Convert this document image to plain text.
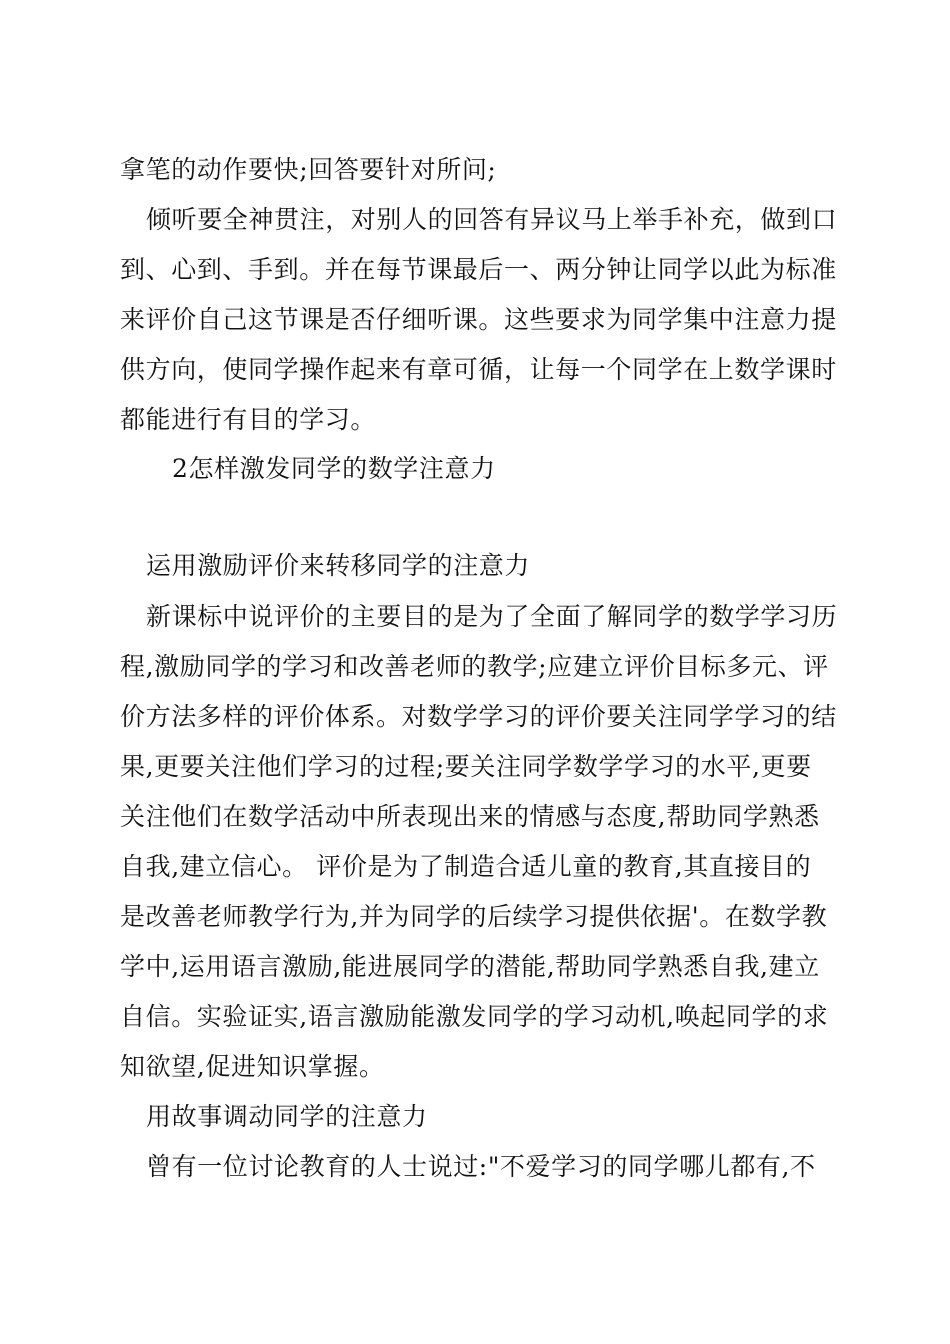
拿笔的动作要快;回答要针对所问;
倾听要全神贯注，对别人的回答有异议马上举手补充，做到口
到、心到、手到。并在每节课最后一、两分钟让同学以此为标准
来评价自己这节课是否仔细听课。这些要求为同学集中注意力提
供方向，使同学操作起来有章可循，让每一个同学在上数学课时
都能进行有目的学习。
2怎样激发同学的数学注意力
运用激励评价来转移同学的注意力
新课标中说评价的主要目的是为了全面了解同学的数学学习历
程,激励同学的学习和改善老师的教学;应建立评价目标多元、评
价方法多样的评价体系。对数学学习的评价要关注同学学习的结
果,更要关注他们学习的过程;要关注同学数学学习的水平,更要
关注他们在数学活动中所表现出来的情感与态度,帮助同学熟悉
自我,建立信心。 评价是为了制造合适儿童的教育,其直接目的
是改善老师教学行为,并为同学的后续学习提供依据'。在数学教
学中,运用语言激励,能进展同学的潜能,帮助同学熟悉自我,建立
自信。实验证实,语言激励能激发同学的学习动机,唤起同学的求
知欲望,促进知识掌握。
用故事调动同学的注意力
曾有一位讨论教育的人士说过:"不爱学习的同学哪儿都有,不
